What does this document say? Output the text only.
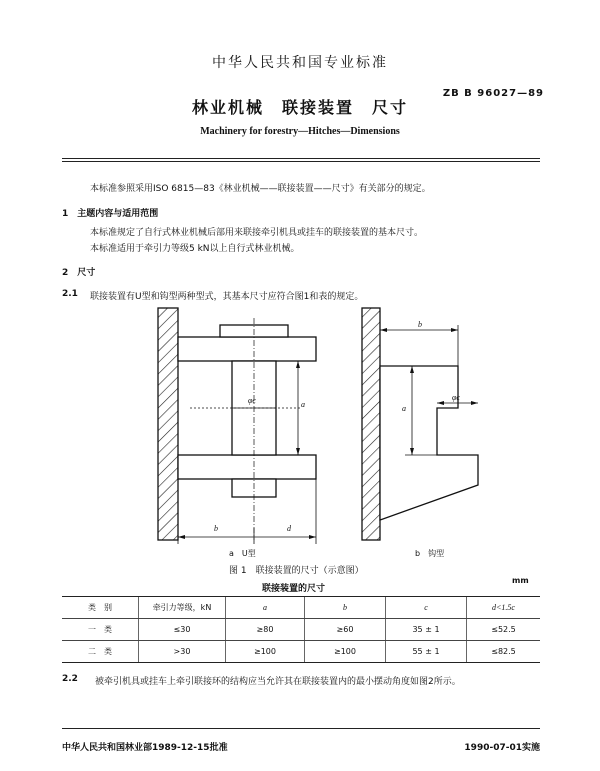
中华人民共和国专业标准
ZB B 96027—89
林业机械　联接装置　尺寸
Machinery for forestry—Hitches—Dimensions
本标准参照采用ISO 6815—83《林业机械——联接装置——尺寸》有关部分的规定。
1　主题内容与适用范围
本标准规定了自行式林业机械后部用来联接牵引机具或挂车的联接装置的基本尺寸。
本标准适用于牵引力等级5 kN以上自行式林业机械。
2　尺寸
2.1 联接装置有U型和钩型两种型式，其基本尺寸应符合图1和表的规定。
φc	a
b	d
b
a
φc
a　U型	b　钩型
图 1　联接装置的尺寸（示意图）
联接装置的尺寸
mm
类　别	牵引力等级，kN	a	b	c	d<1.5c
一　类	≤30	≥80	≥60	35 ± 1	≤52.5
二　类	>30	≥100	≥100	55 ± 1	≤82.5
2.2 被牵引机具或挂车上牵引联接环的结构应当允许其在联接装置内的最小摆动角度如图2所示。
中华人民共和国林业部1989-12-15批准	1990-07-01实施
